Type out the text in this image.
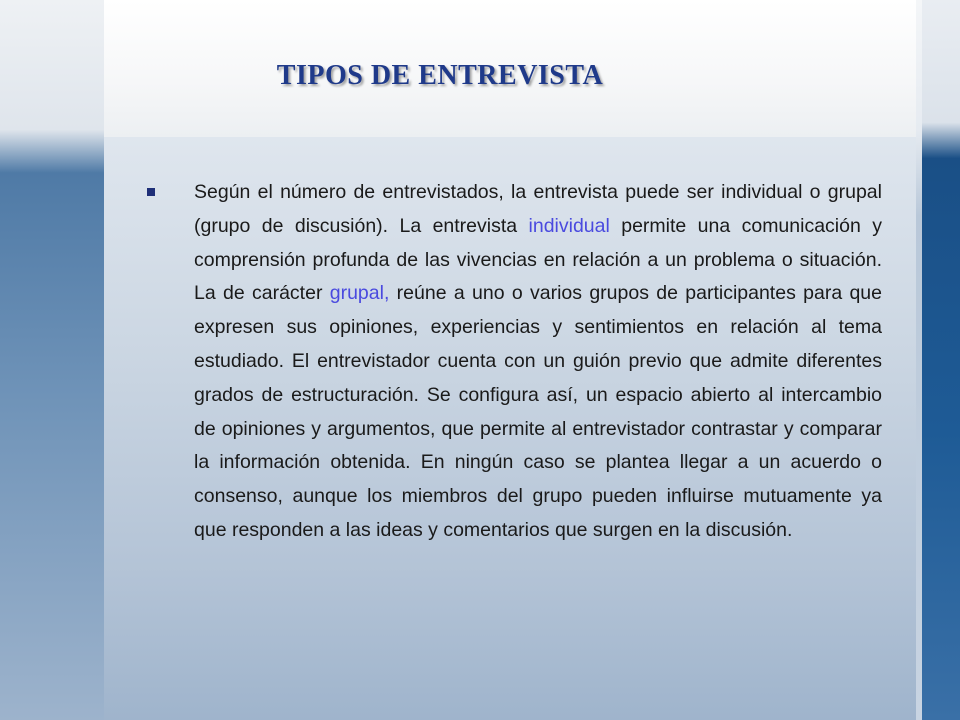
TIPOS DE ENTREVISTA

Según el número de entrevistados, la entrevista puede ser individual o grupal (grupo de discusión). La entrevista individual permite una comunicación y comprensión profunda de las vivencias en relación a un problema o situación. La de carácter grupal, reúne a uno o varios grupos de participantes para que expresen sus opiniones, experiencias y sentimientos en relación al tema estudiado. El entrevistador cuenta con un guión previo que admite diferentes grados de estructuración. Se configura así, un espacio abierto al intercambio de opiniones y argumentos, que permite al entrevistador contrastar y comparar la información obtenida. En ningún caso se plantea llegar a un acuerdo o consenso, aunque los miembros del grupo pueden influirse mutuamente ya que responden a las ideas y comentarios que surgen en la discusión.
